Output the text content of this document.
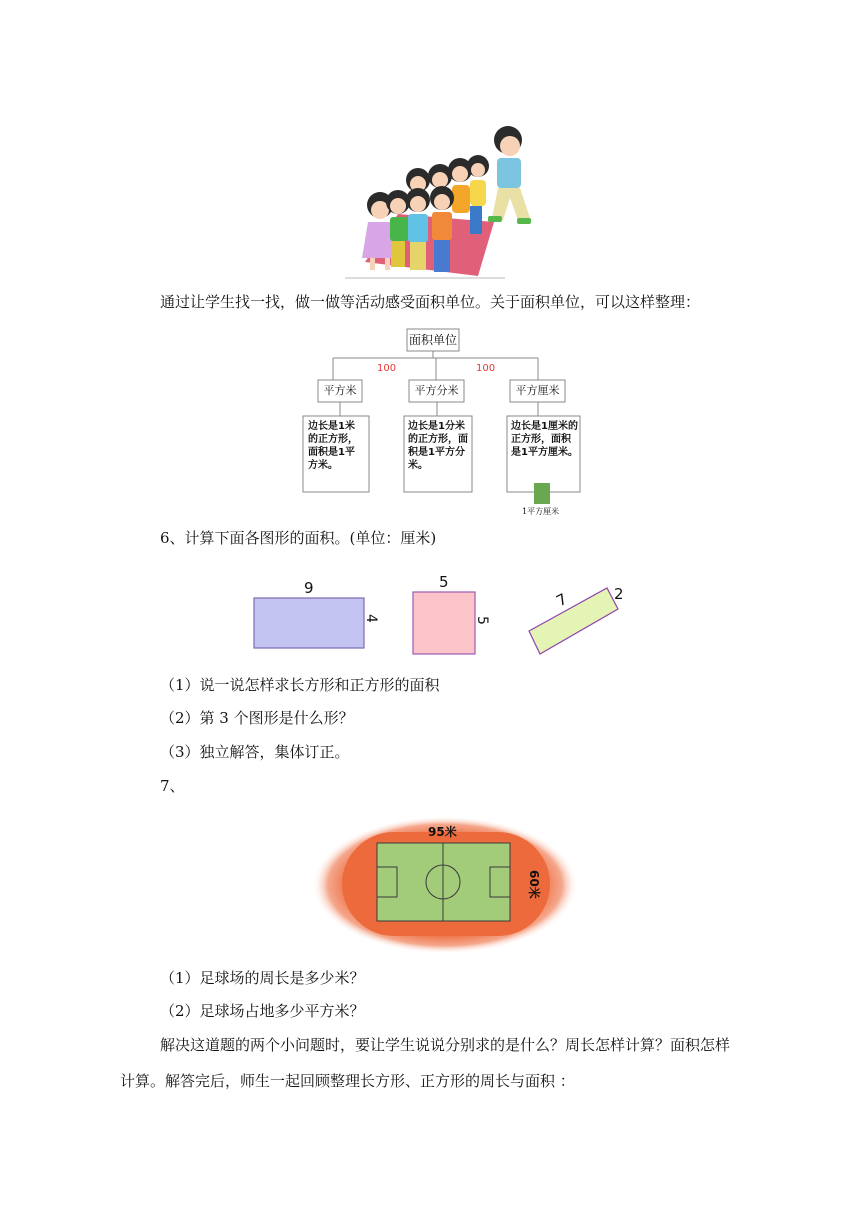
通过让学生找一找，做一做等活动感受面积单位。关于面积单位，可以这样整理：
面积单位
100	100
平方米	平方分米	平方厘米
边长是1米
的正方形，
面积是1平
方米。
边长是1分米
的正方形，面
积是1平方分
米。
边长是1厘米的
正方形，面积
是1平方厘米。
1平方厘米
6、计算下面各图形的面积。(单位：厘米)
9
4
5
5
7	2
（1）说一说怎样求长方形和正方形的面积
（2）第 3 个图形是什么形？
（3）独立解答，集体订正。
7、
95米
60米
（1）足球场的周长是多少米？
（2）足球场占地多少平方米？
解决这道题的两个小问题时，要让学生说说分别求的是什么？周长怎样计算？面积怎样
计算。解答完后，师生一起回顾整理长方形、正方形的周长与面积 ：
